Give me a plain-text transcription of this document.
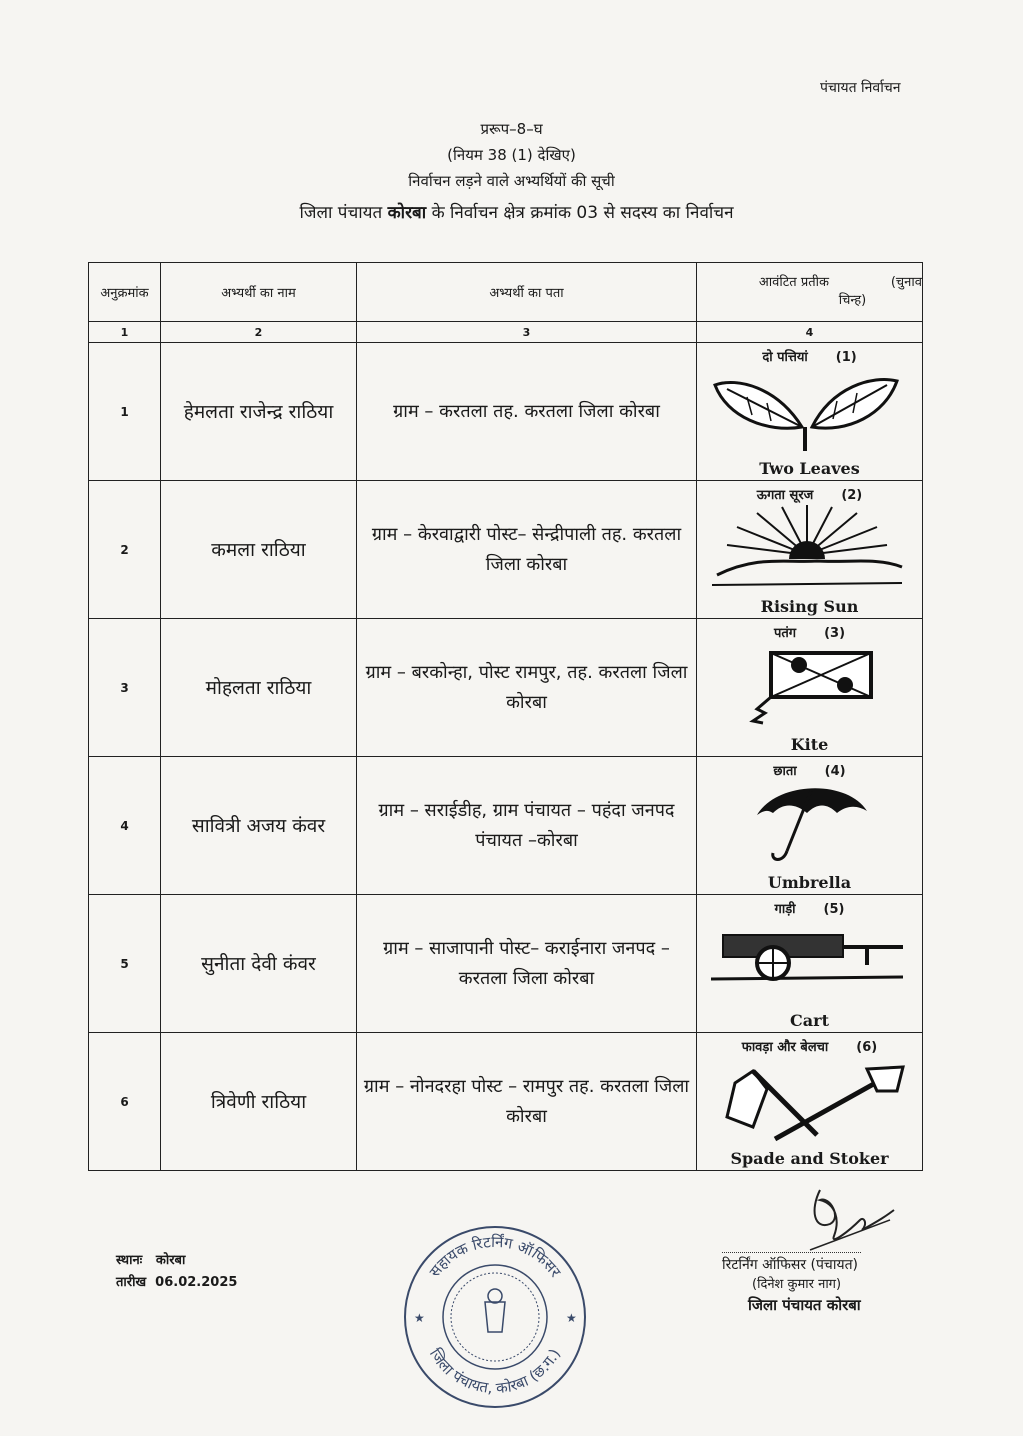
पंचायत निर्वाचन
प्ररूप–8–घ
(नियम 38 (1) देखिए)
निर्वाचन लड़ने वाले अभ्यर्थियों की सूची
जिला पंचायत कोरबा के निर्वाचन क्षेत्र क्रमांक 03 से सदस्य का निर्वाचन
अनुक्रमांक	अभ्यर्थी का नाम	अभ्यर्थी का पता	आवंटित प्रतीक (चुनाव

चिन्ह)
1	2	3	4
1	हेमलता राजेन्द्र राठिया	ग्राम – करतला तह. करतला जिला कोरबा	दो पत्तियां (1)
Two Leaves

2	कमला राठिया	ग्राम – केरवाद्वारी पोस्ट– सेन्द्रीपाली तह. करतला जिला कोरबा	ऊगता सूरज (2)
Rising Sun

3	मोहलता राठिया	ग्राम – बरकोन्हा, पोस्ट रामपुर, तह. करतला जिला कोरबा	पतंग (3)
Kite

4	सावित्री अजय कंवर	ग्राम – सराईडीह, ग्राम पंचायत – पहंदा जनपद पंचायत –कोरबा	छाता (4)
Umbrella

5	सुनीता देवी कंवर	ग्राम – साजापानी पोस्ट– कराईनारा जनपद – करतला जिला कोरबा	गाड़ी (5)
Cart

6	त्रिवेणी राठिया	ग्राम – नोनदरहा पोस्ट – रामपुर तह. करतला जिला कोरबा	फावड़ा और बेलचा (6)
Spade and Stoker
स्थानः कोरबा
तारीख 06.02.2025
सहायक रिटर्निंग ऑफिसर
जिला पंचायत, कोरबा (छ.ग.)
★	★
रिटर्निंग ऑफिसर (पंचायत)
(दिनेश कुमार नाग)
जिला पंचायत कोरबा
